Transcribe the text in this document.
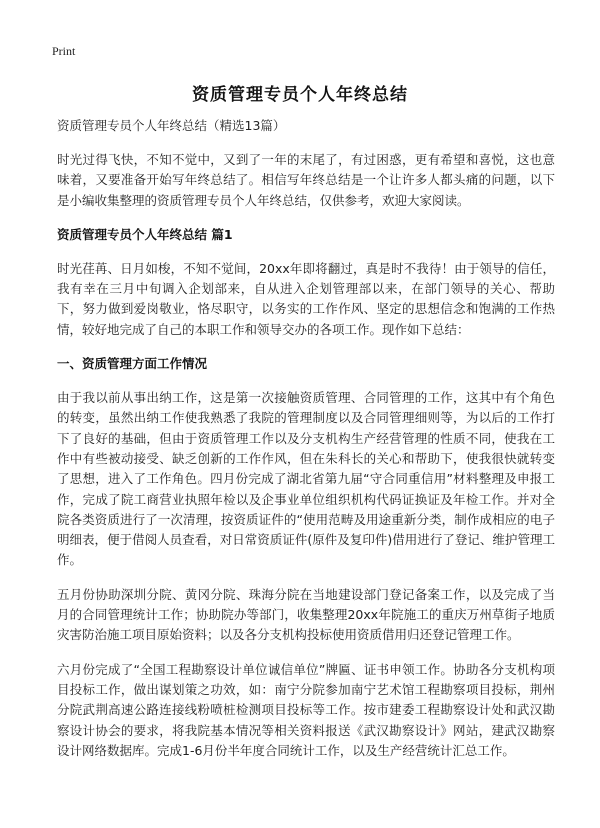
Print
资质管理专员个人年终总结

资质管理专员个人年终总结（精选13篇）

时光过得飞快，不知不觉中，又到了一年的末尾了，有过困惑，更有希望和喜悦，这也意味着，又要准备开始写年终总结了。相信写年终总结是一个让许多人都头痛的问题，以下是小编收集整理的资质管理专员个人年终总结，仅供参考，欢迎大家阅读。

资质管理专员个人年终总结 篇1

时光荏苒、日月如梭，不知不觉间，20xx年即将翻过，真是时不我待！由于领导的信任，我有幸在三月中旬调入企划部来，自从进入企划管理部以来，在部门领导的关心、帮助下，努力做到爱岗敬业，恪尽职守，以务实的工作作风、坚定的思想信念和饱满的工作热情，较好地完成了自己的本职工作和领导交办的各项工作。现作如下总结：

一、资质管理方面工作情况

由于我以前从事出纳工作，这是第一次接触资质管理、合同管理的工作，这其中有个角色的转变，虽然出纳工作使我熟悉了我院的管理制度以及合同管理细则等，为以后的工作打下了良好的基础，但由于资质管理工作以及分支机构生产经营管理的性质不同，使我在工作中有些被动接受、缺乏创新的工作作风，但在朱科长的关心和帮助下，使我很快就转变了思想，进入了工作角色。四月份完成了湖北省第九届“守合同重信用”材料整理及申报工作，完成了院工商营业执照年检以及企事业单位组织机构代码证换证及年检工作。并对全院各类资质进行了一次清理，按资质证件的“使用范畴及用途重新分类，制作成相应的电子明细表，便于借阅人员查看，对日常资质证件(原件及复印件)借用进行了登记、维护管理工作。

五月份协助深圳分院、黄冈分院、珠海分院在当地建设部门登记备案工作，以及完成了当月的合同管理统计工作；协助院办等部门，收集整理20xx年院施工的重庆万州草街子地质灾害防治施工项目原始资料；以及各分支机构投标使用资质借用归还登记管理工作。

六月份完成了“全国工程勘察设计单位诚信单位”牌匾、证书申领工作。协助各分支机构项目投标工作，做出谋划策之功效，如：南宁分院参加南宁艺术馆工程勘察项目投标，荆州分院武荆高速公路连接线粉喷桩检测项目投标等工作。按市建委工程勘察设计处和武汉勘察设计协会的要求，将我院基本情况等相关资料报送《武汉勘察设计》网站，建武汉勘察设计网络数据库。完成1-6月份半年度合同统计工作，以及生产经营统计汇总工作。
